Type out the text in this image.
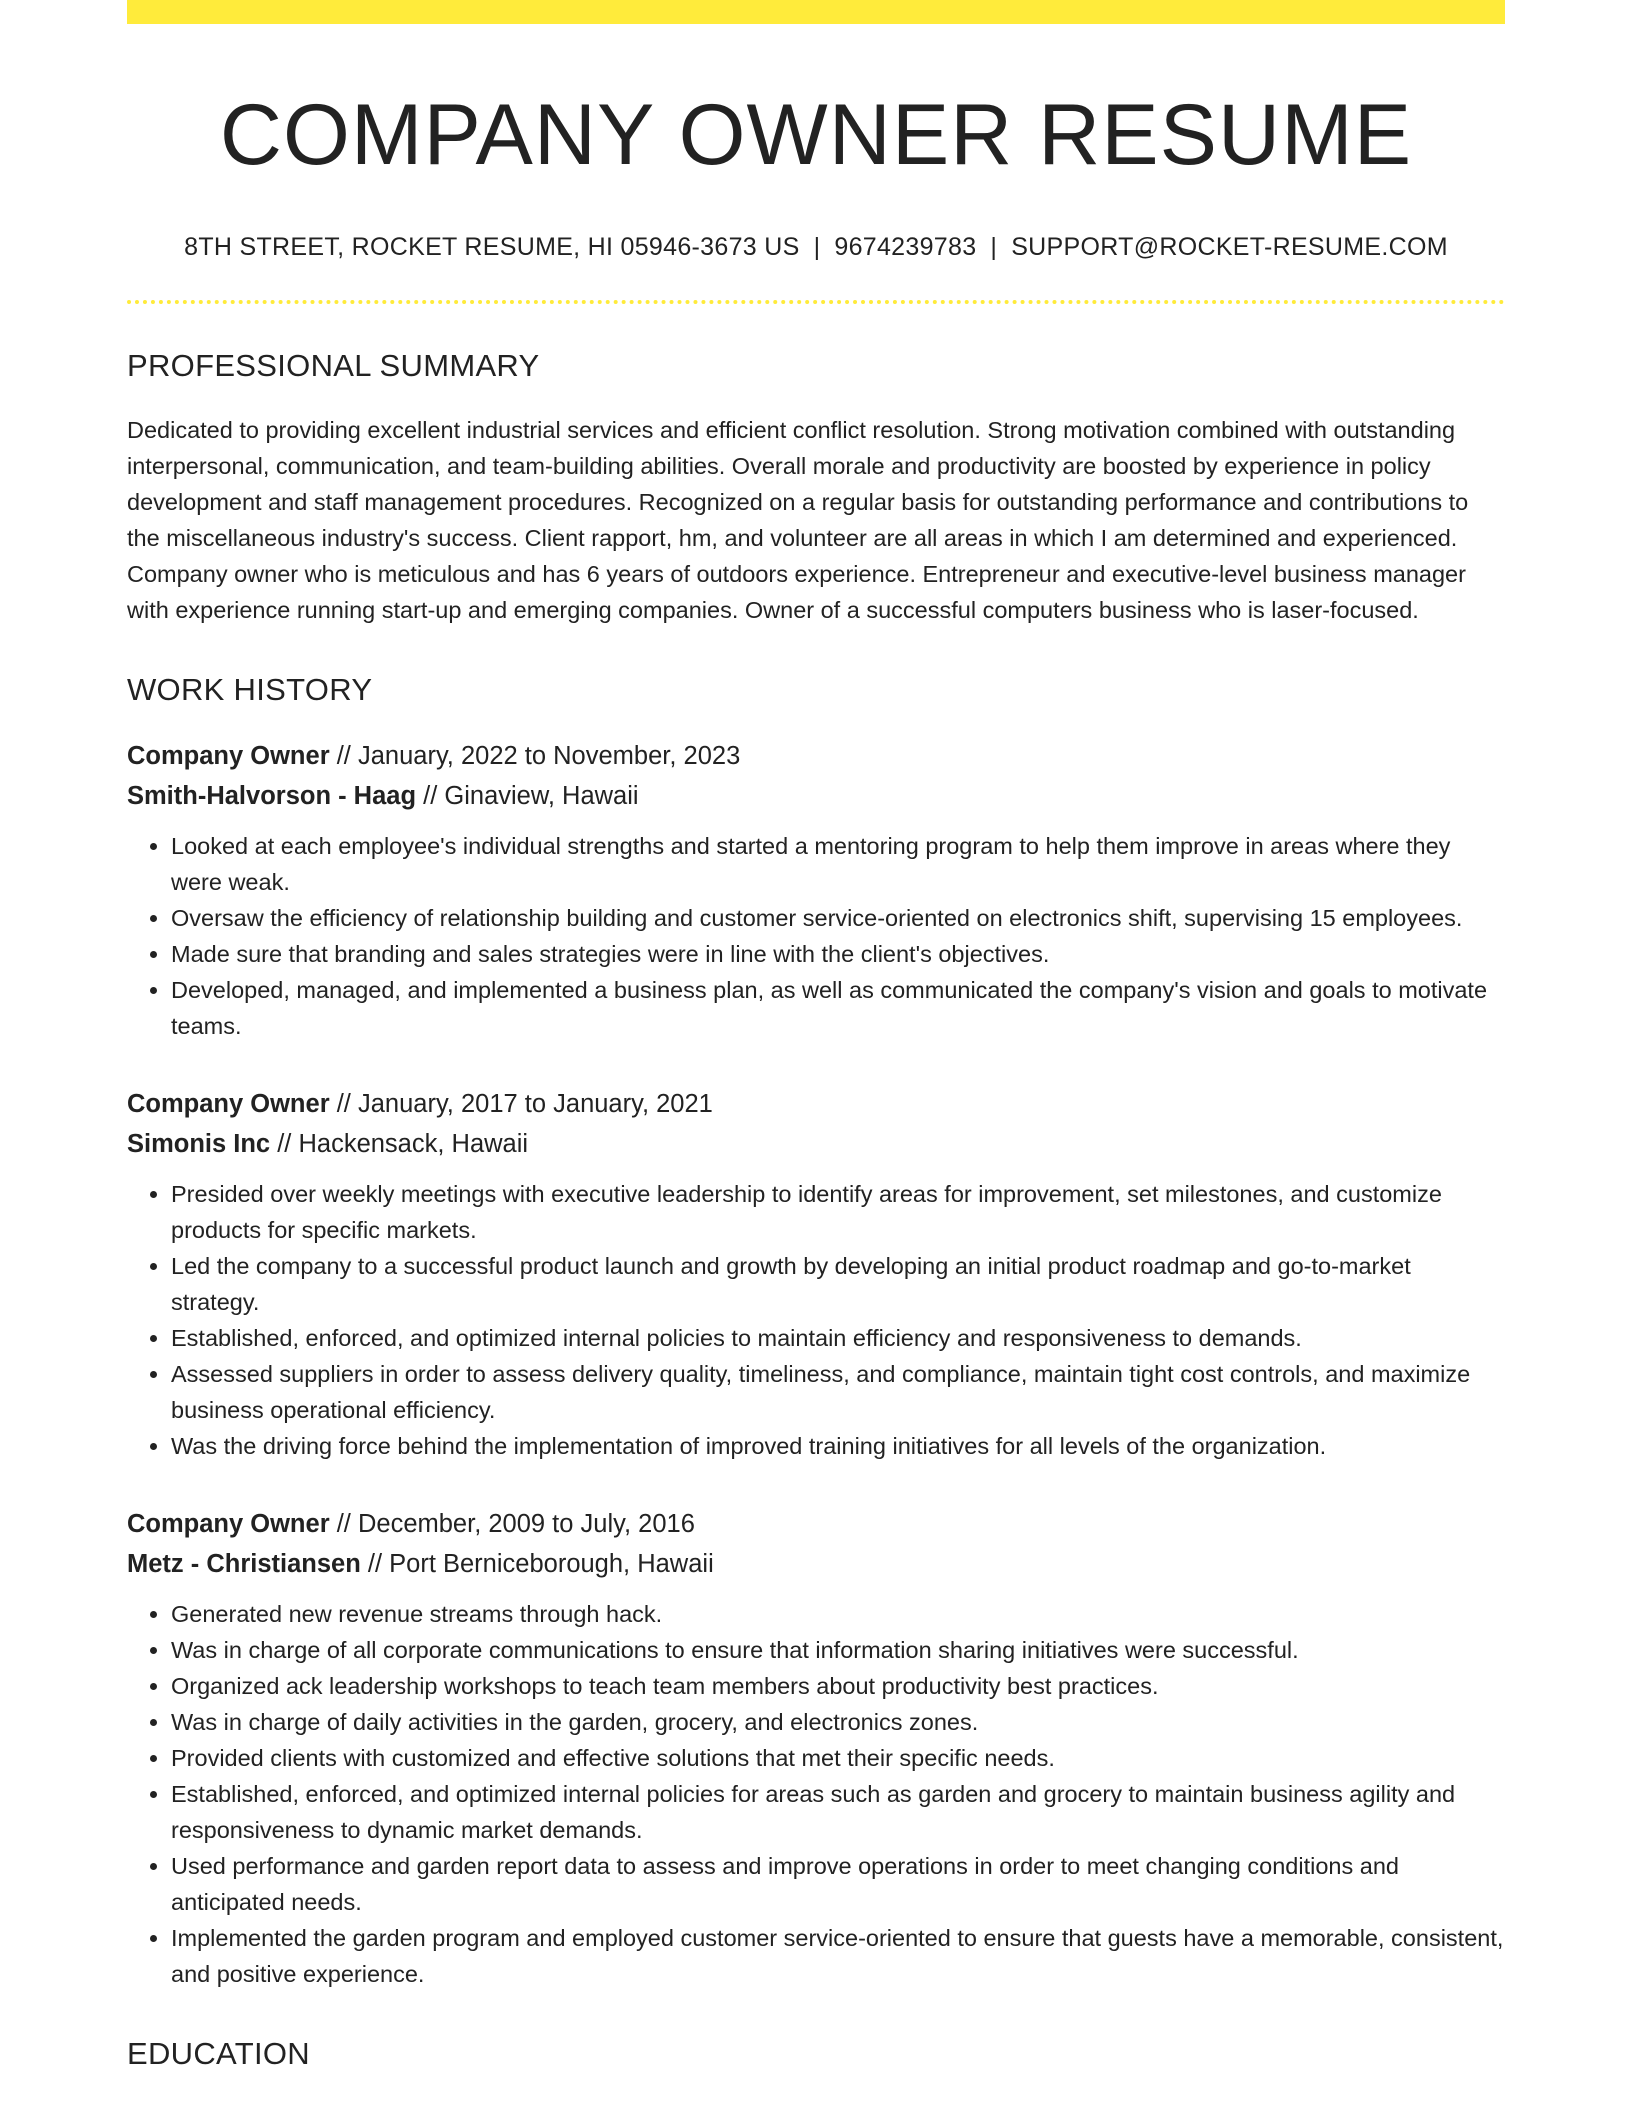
COMPANY OWNER RESUME
8TH STREET, ROCKET RESUME, HI 05946-3673 US | 9674239783 | SUPPORT@ROCKET-RESUME.COM
PROFESSIONAL SUMMARY

Dedicated to providing excellent industrial services and efficient conflict resolution. Strong motivation combined with outstanding interpersonal, communication, and team-building abilities. Overall morale and productivity are boosted by experience in policy development and staff management procedures. Recognized on a regular basis for outstanding performance and contributions to the miscellaneous industry's success. Client rapport, hm, and volunteer are all areas in which I am determined and experienced. Company owner who is meticulous and has 6 years of outdoors experience. Entrepreneur and executive-level business manager with experience running start-up and emerging companies. Owner of a successful computers business who is laser-focused.

WORK HISTORY
Company Owner // January, 2022 to November, 2023
Smith-Halvorson - Haag // Ginaview, Hawaii
• Looked at each employee's individual strengths and started a mentoring program to help them improve in areas where they were weak.
• Oversaw the efficiency of relationship building and customer service-oriented on electronics shift, supervising 15 employees.
• Made sure that branding and sales strategies were in line with the client's objectives.
• Developed, managed, and implemented a business plan, as well as communicated the company's vision and goals to motivate teams.
Company Owner // January, 2017 to January, 2021
Simonis Inc // Hackensack, Hawaii
• Presided over weekly meetings with executive leadership to identify areas for improvement, set milestones, and customize products for specific markets.
• Led the company to a successful product launch and growth by developing an initial product roadmap and go-to-market strategy.
• Established, enforced, and optimized internal policies to maintain efficiency and responsiveness to demands.
• Assessed suppliers in order to assess delivery quality, timeliness, and compliance, maintain tight cost controls, and maximize business operational efficiency.
• Was the driving force behind the implementation of improved training initiatives for all levels of the organization.
Company Owner // December, 2009 to July, 2016
Metz - Christiansen // Port Berniceborough, Hawaii
• Generated new revenue streams through hack.
• Was in charge of all corporate communications to ensure that information sharing initiatives were successful.
• Organized ack leadership workshops to teach team members about productivity best practices.
• Was in charge of daily activities in the garden, grocery, and electronics zones.
• Provided clients with customized and effective solutions that met their specific needs.
• Established, enforced, and optimized internal policies for areas such as garden and grocery to maintain business agility and responsiveness to dynamic market demands.
• Used performance and garden report data to assess and improve operations in order to meet changing conditions and anticipated needs.
• Implemented the garden program and employed customer service-oriented to ensure that guests have a memorable, consistent, and positive experience.
EDUCATION
